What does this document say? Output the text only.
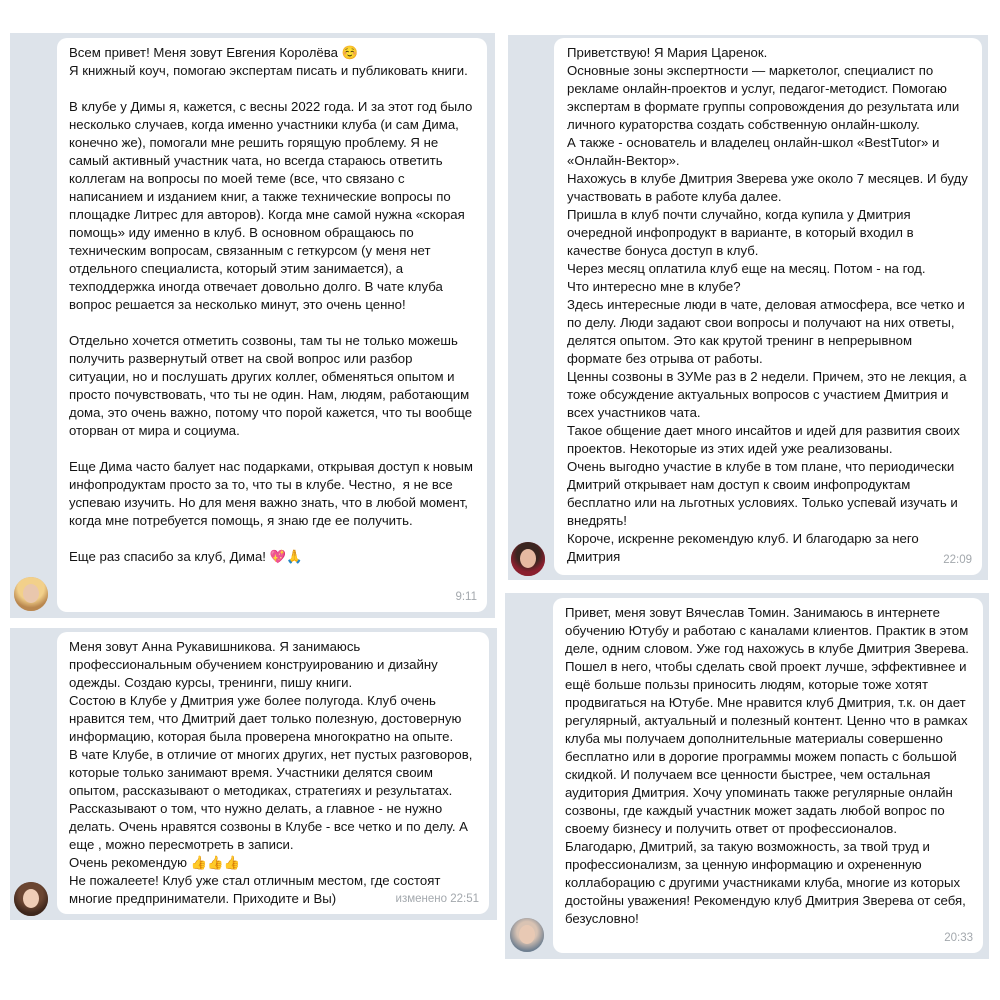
Всем привет! Меня зовут Евгения Королёва ☺️
Я книжный коуч, помогаю экспертам писать и публиковать книги.

В клубе у Димы я, кажется, с весны 2022 года. И за этот год было несколько случаев, когда именно участники клуба (и сам Дима, конечно же), помогали мне решить горящую проблему. Я не самый активный участник чата, но всегда стараюсь ответить коллегам на вопросы по моей теме (все, что связано с написанием и изданием книг, а также технические вопросы по площадке Литрес для авторов). Когда мне самой нужна «скорая помощь» иду именно в клуб. В основном обращаюсь по техническим вопросам, связанным с геткурсом (у меня нет отдельного специалиста, который этим занимается), а техподдержка иногда отвечает довольно долго. В чате клуба вопрос решается за несколько минут, это очень ценно!

Отдельно хочется отметить созвоны, там ты не только можешь получить развернутый ответ на свой вопрос или разбор ситуации, но и послушать других коллег, обменяться опытом и просто почувствовать, что ты не один. Нам, людям, работающим дома, это очень важно, потому что порой кажется, что ты вообще оторван от мира и социума.

Еще Дима часто балует нас подарками, открывая доступ к новым инфопродуктам просто за то, что ты в клубе. Честно,  я не все успеваю изучить. Но для меня важно знать, что в любой момент, когда мне потребуется помощь, я знаю где ее получить.

Еще раз спасибо за клуб, Дима! 💖🙏
9:11
Приветствую! Я Мария Царенок.
Основные зоны экспертности — маркетолог, специалист по рекламе онлайн-проектов и услуг, педагог-методист. Помогаю экспертам в формате группы сопровождения до результата или личного кураторства создать собственную онлайн-школу.
А также - основатель и владелец онлайн-школ «BestTutor» и «Онлайн-Вектор».
Нахожусь в клубе Дмитрия Зверева уже около 7 месяцев. И буду участвовать в работе клуба далее.
Пришла в клуб почти случайно, когда купила у Дмитрия очередной инфопродукт в варианте, в который входил в качестве бонуса доступ в клуб.
Через месяц оплатила клуб еще на месяц. Потом - на год.
Что интересно мне в клубе?
Здесь интересные люди в чате, деловая атмосфера, все четко и по делу. Люди задают свои вопросы и получают на них ответы, делятся опытом. Это как крутой тренинг в непрерывном формате без отрыва от работы.
Ценны созвоны в ЗУМе раз в 2 недели. Причем, это не лекция, а тоже обсуждение актуальных вопросов с участием Дмитрия и всех участников чата.
Такое общение дает много инсайтов и идей для развития своих проектов. Некоторые из этих идей уже реализованы.
Очень выгодно участие в клубе в том плане, что периодически Дмитрий открывает нам доступ к своим инфопродуктам бесплатно или на льготных условиях. Только успевай изучать и внедрять!
Короче, искренне рекомендую клуб. И благодарю за него Дмитрия	22:09
Меня зовут Анна Рукавишникова. Я занимаюсь профессиональным обучением конструированию и дизайну одежды. Создаю курсы, тренинги, пишу книги.
Состою в Клубе у Дмитрия уже более полугода. Клуб очень нравится тем, что Дмитрий дает только полезную, достоверную информацию, которая была проверена многократно на опыте.
В чате Клубе, в отличие от многих других, нет пустых разговоров, которые только занимают время. Участники делятся своим опытом, рассказывают о методиках, стратегиях и результатах. Рассказывают о том, что нужно делать, а главное - не нужно делать. Очень нравятся созвоны в Клубе - все четко и по делу. А еще , можно пересмотреть в записи.
Очень рекомендую 👍👍👍
Не пожалеете! Клуб уже стал отличным местом, где состоят многие предприниматели. Приходите и Вы)	изменено 22:51
Привет, меня зовут Вячеслав Томин. Занимаюсь в интернете обучению Ютубу и работаю с каналами клиентов. Практик в этом деле, одним словом. Уже год нахожусь в клубе Дмитрия Зверева. Пошел в него, чтобы сделать свой проект лучше, эффективнее и ещё больше пользы приносить людям, которые тоже хотят продвигаться на Ютубе. Мне нравится клуб Дмитрия, т.к. он дает регулярный, актуальный и полезный контент. Ценно что в рамках клуба мы получаем дополнительные материалы совершенно бесплатно или в дорогие программы можем попасть с большой скидкой. И получаем все ценности быстрее, чем остальная аудитория Дмитрия. Хочу упоминать также регулярные онлайн созвоны, где каждый участник может задать любой вопрос по своему бизнесу и получить ответ от профессионалов. Благодарю, Дмитрий, за такую возможность, за твой труд и профессионализм, за ценную информацию и охрененную коллаборацию с другими участниками клуба, многие из которых достойны уважения! Рекомендую клуб Дмитрия Зверева от себя, безусловно!
20:33
